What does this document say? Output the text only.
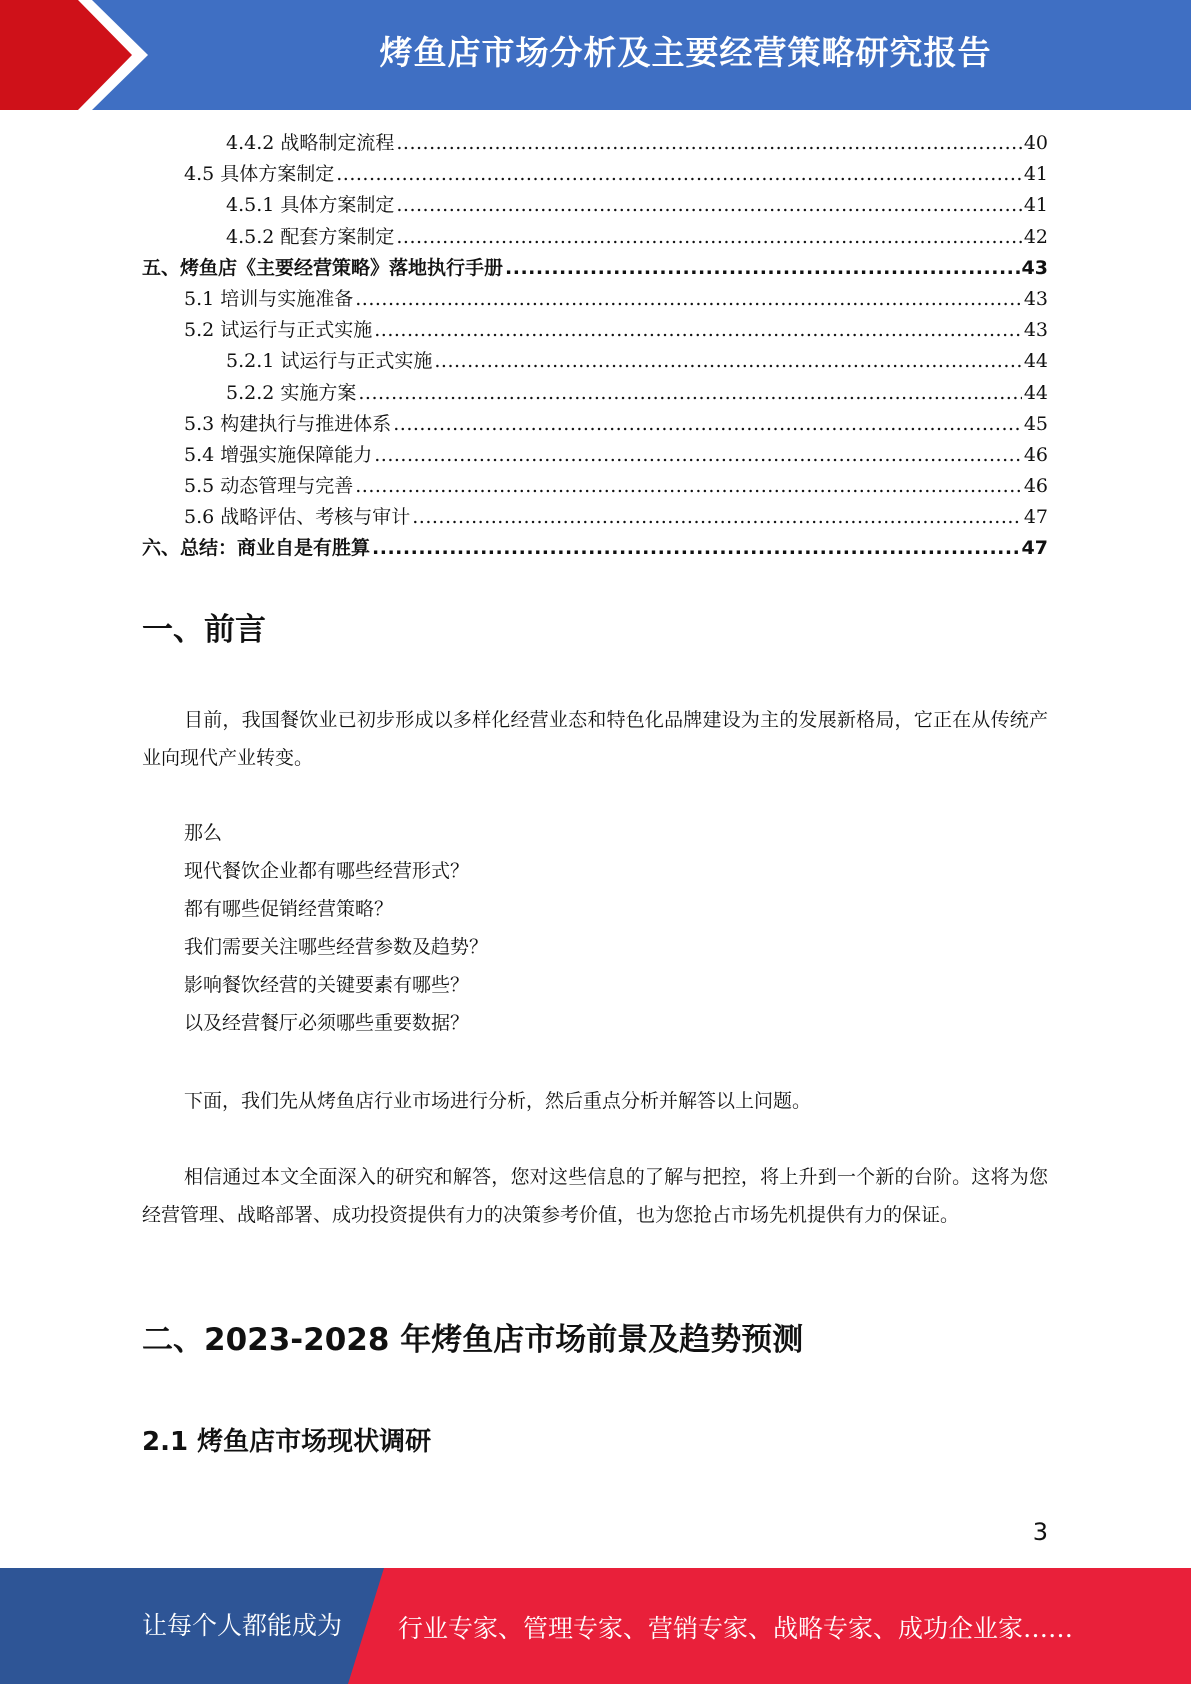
烤鱼店市场分析及主要经营策略研究报告
4.4.2 战略制定流程 .....	40
4.5 具体方案制定 .....	41
4.5.1 具体方案制定 .....	41
4.5.2 配套方案制定 .....	42
五、烤鱼店《主要经营策略》落地执行手册 .....	43
5.1 培训与实施准备 .....	43
5.2 试运行与正式实施 .....	43
5.2.1 试运行与正式实施 .....	44
5.2.2 实施方案 .....	44
5.3 构建执行与推进体系 .....	45
5.4 增强实施保障能力 .....	46
5.5 动态管理与完善 .....	46
5.6 战略评估、考核与审计 .....	47
六、总结：商业自是有胜算 .....	47
一、前言
目前，我国餐饮业已初步形成以多样化经营业态和特色化品牌建设为主的发展新格局，它正在从传统产业向现代产业转变。
那么
现代餐饮企业都有哪些经营形式？
都有哪些促销经营策略？
我们需要关注哪些经营参数及趋势？
影响餐饮经营的关键要素有哪些？
以及经营餐厅必须哪些重要数据？
下面，我们先从烤鱼店行业市场进行分析，然后重点分析并解答以上问题。
相信通过本文全面深入的研究和解答，您对这些信息的了解与把控，将上升到一个新的台阶。这将为您经营管理、战略部署、成功投资提供有力的决策参考价值，也为您抢占市场先机提供有力的保证。
二、2023-2028 年烤鱼店市场前景及趋势预测
2.1 烤鱼店市场现状调研
3
让每个人都能成为 行业专家、管理专家、营销专家、战略专家、成功企业家……
